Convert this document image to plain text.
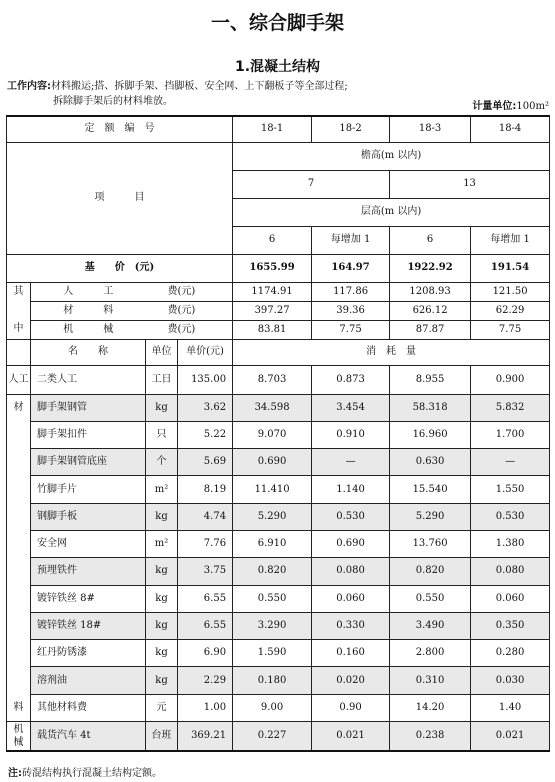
一、综合脚手架
1.混凝土结构
工作内容:材料搬运;搭、拆脚手架、挡脚板、安全网、上下翻板子等全部过程;
拆除脚手架后的材料堆放。	计量单位:100m²
定　额　编　号				18-1	18-2	18-3	18-4
项　　　目				檐高(m 以内)			
				7		13	
				层高(m 以内)			
				6	每增加 1	6	每增加 1
基　　价　(元)				1655.99	164.97	1922.92	191.54
其	人　　　工	费	(元)	1174.91	117.86	1208.93	121.50
	材　　　料	费	(元)	397.27	39.36	626.12	62.29
中	机　　　械	费	(元)	83.81	7.75	87.87	7.75
	名　　称	单位	单价(元)	消　耗　量			

人工	二类人工	工日	135.00	8.703	0.873	8.955	0.900
材	脚手架钢管	kg	3.62	34.598	3.454	58.318	5.832
	脚手架扣件	只	5.22	9.070	0.910	16.960	1.700
	脚手架钢管底座	个	5.69	0.690	—	0.630	—
	竹脚手片	m²	8.19	11.410	1.140	15.540	1.550
	钢脚手板	kg	4.74	5.290	0.530	5.290	0.530
	安全网	m²	7.76	6.910	0.690	13.760	1.380
	预埋铁件	kg	3.75	0.820	0.080	0.820	0.080
	镀锌铁丝 8#	kg	6.55	0.550	0.060	0.550	0.060
	镀锌铁丝 18#	kg	6.55	3.290	0.330	3.490	0.350
	红丹防锈漆	kg	6.90	1.590	0.160	2.800	0.280
	溶剂油	kg	2.29	0.180	0.020	0.310	0.030
料	其他材料费	元	1.00	9.00	0.90	14.20	1.40

机
械	载货汽车 4t	台班	369.21	0.227	0.021	0.238	0.021
注:砖混结构执行混凝土结构定额。
